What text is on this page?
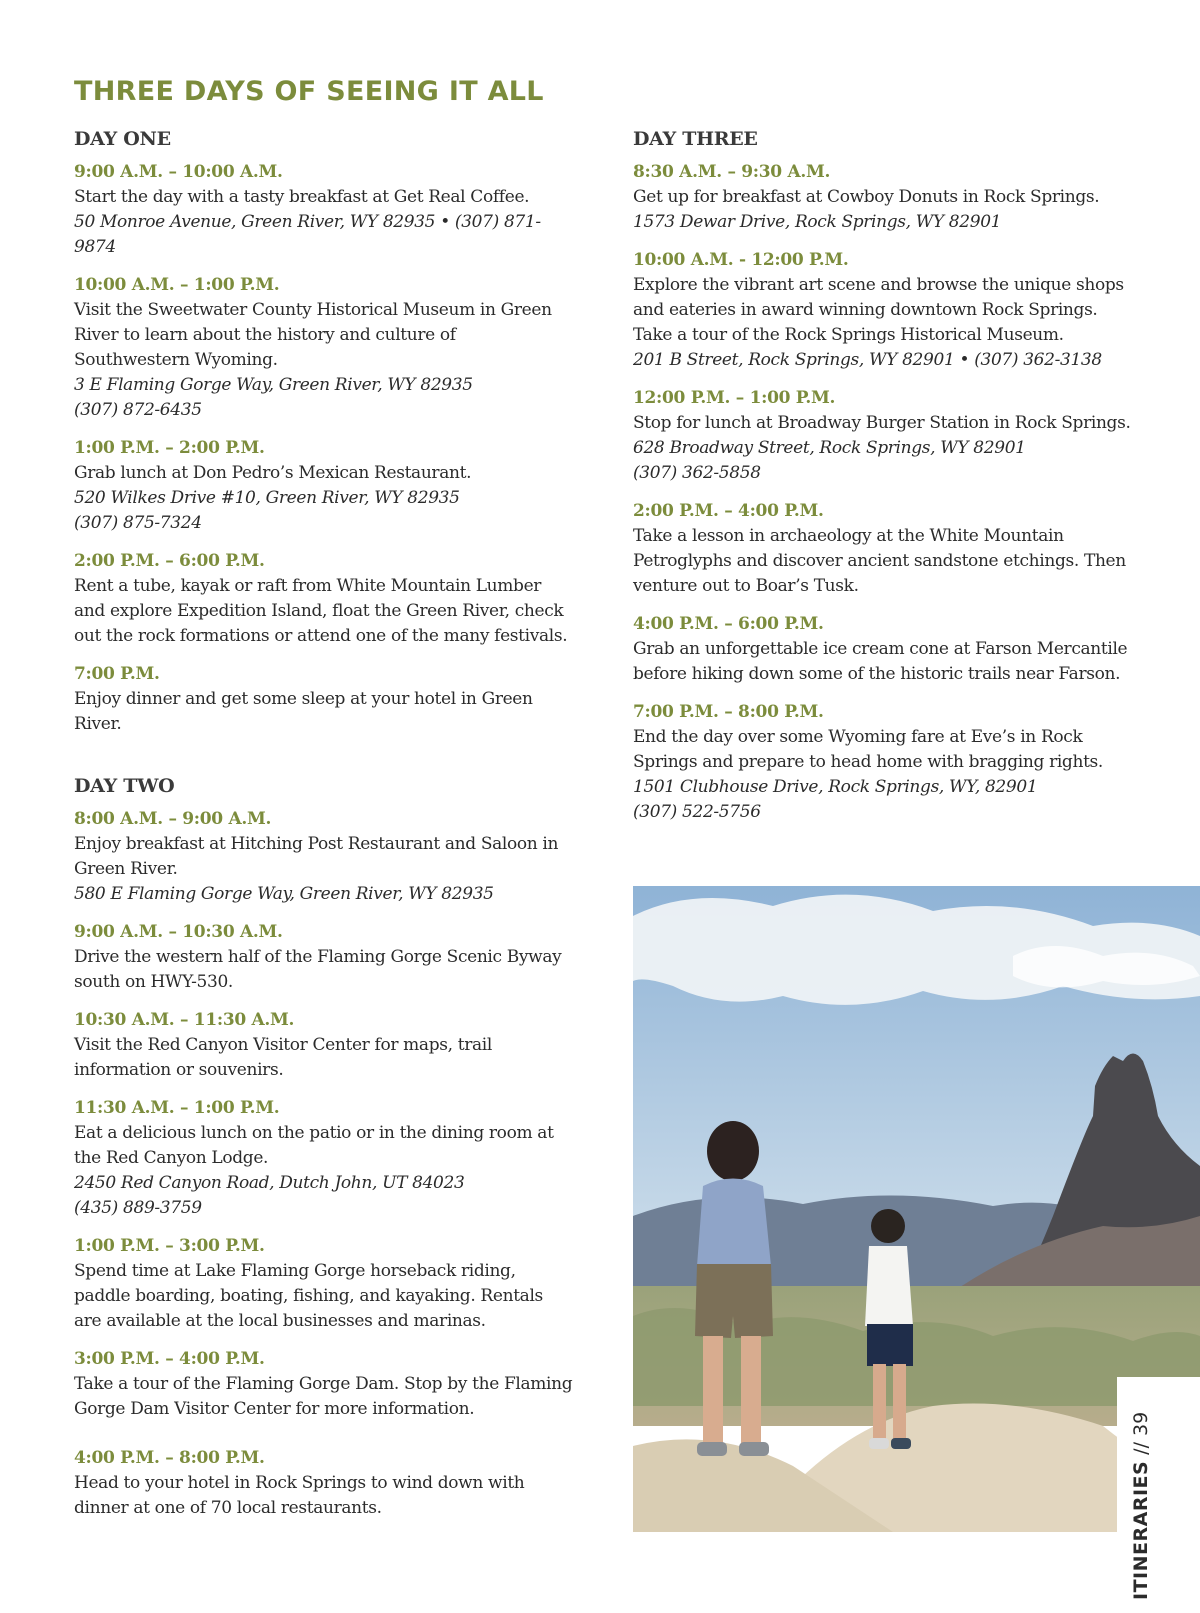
THREE DAYS OF SEEING IT ALL
DAY ONE
9:00 A.M. – 10:00 A.M.
Start the day with a tasty breakfast at Get Real Coffee.
50 Monroe Avenue, Green River, WY 82935 • (307) 871-9874
10:00 A.M. – 1:00 P.M.
Visit the Sweetwater County Historical Museum in Green River to learn about the history and culture of Southwestern Wyoming.
3 E Flaming Gorge Way, Green River, WY 82935
(307) 872-6435
1:00 P.M. – 2:00 P.M.
Grab lunch at Don Pedro’s Mexican Restaurant.
520 Wilkes Drive #10, Green River, WY 82935
(307) 875-7324
2:00 P.M. – 6:00 P.M.
Rent a tube, kayak or raft from White Mountain Lumber and explore Expedition Island, float the Green River, check out the rock formations or attend one of the many festivals.
7:00 P.M.
Enjoy dinner and get some sleep at your hotel in Green River.
DAY TWO
8:00 A.M. – 9:00 A.M.
Enjoy breakfast at Hitching Post Restaurant and Saloon in Green River.
580 E Flaming Gorge Way, Green River, WY 82935
9:00 A.M. – 10:30 A.M.
Drive the western half of the Flaming Gorge Scenic Byway south on HWY-530.
10:30 A.M. – 11:30 A.M.
Visit the Red Canyon Visitor Center for maps, trail information or souvenirs.
11:30 A.M. – 1:00 P.M.
Eat a delicious lunch on the patio or in the dining room at the Red Canyon Lodge.
2450 Red Canyon Road, Dutch John, UT 84023
(435) 889-3759
1:00 P.M. – 3:00 P.M.
Spend time at Lake Flaming Gorge horseback riding, paddle boarding, boating, fishing, and kayaking. Rentals are available at the local businesses and marinas.
3:00 P.M. – 4:00 P.M.
Take a tour of the Flaming Gorge Dam. Stop by the Flaming Gorge Dam Visitor Center for more information.
4:00 P.M. – 8:00 P.M.
Head to your hotel in Rock Springs to wind down with dinner at one of 70 local restaurants.
DAY THREE
8:30 A.M. – 9:30 A.M.
Get up for breakfast at Cowboy Donuts in Rock Springs.
1573 Dewar Drive, Rock Springs, WY 82901
10:00 A.M. - 12:00 P.M.
Explore the vibrant art scene and browse the unique shops and eateries in award winning downtown Rock Springs. Take a tour of the Rock Springs Historical Museum.
201 B Street, Rock Springs, WY 82901 • (307) 362-3138
12:00 P.M. – 1:00 P.M.
Stop for lunch at Broadway Burger Station in Rock Springs.
628 Broadway Street, Rock Springs, WY 82901
(307) 362-5858
2:00 P.M. – 4:00 P.M.
Take a lesson in archaeology at the White Mountain Petroglyphs and discover ancient sandstone etchings. Then venture out to Boar’s Tusk.
4:00 P.M. – 6:00 P.M.
Grab an unforgettable ice cream cone at Farson Mercantile before hiking down some of the historic trails near Farson.
7:00 P.M. – 8:00 P.M.
End the day over some Wyoming fare at Eve’s in Rock Springs and prepare to head home with bragging rights.
1501 Clubhouse Drive, Rock Springs, WY, 82901
(307) 522-5756
ITINERARIES//39
